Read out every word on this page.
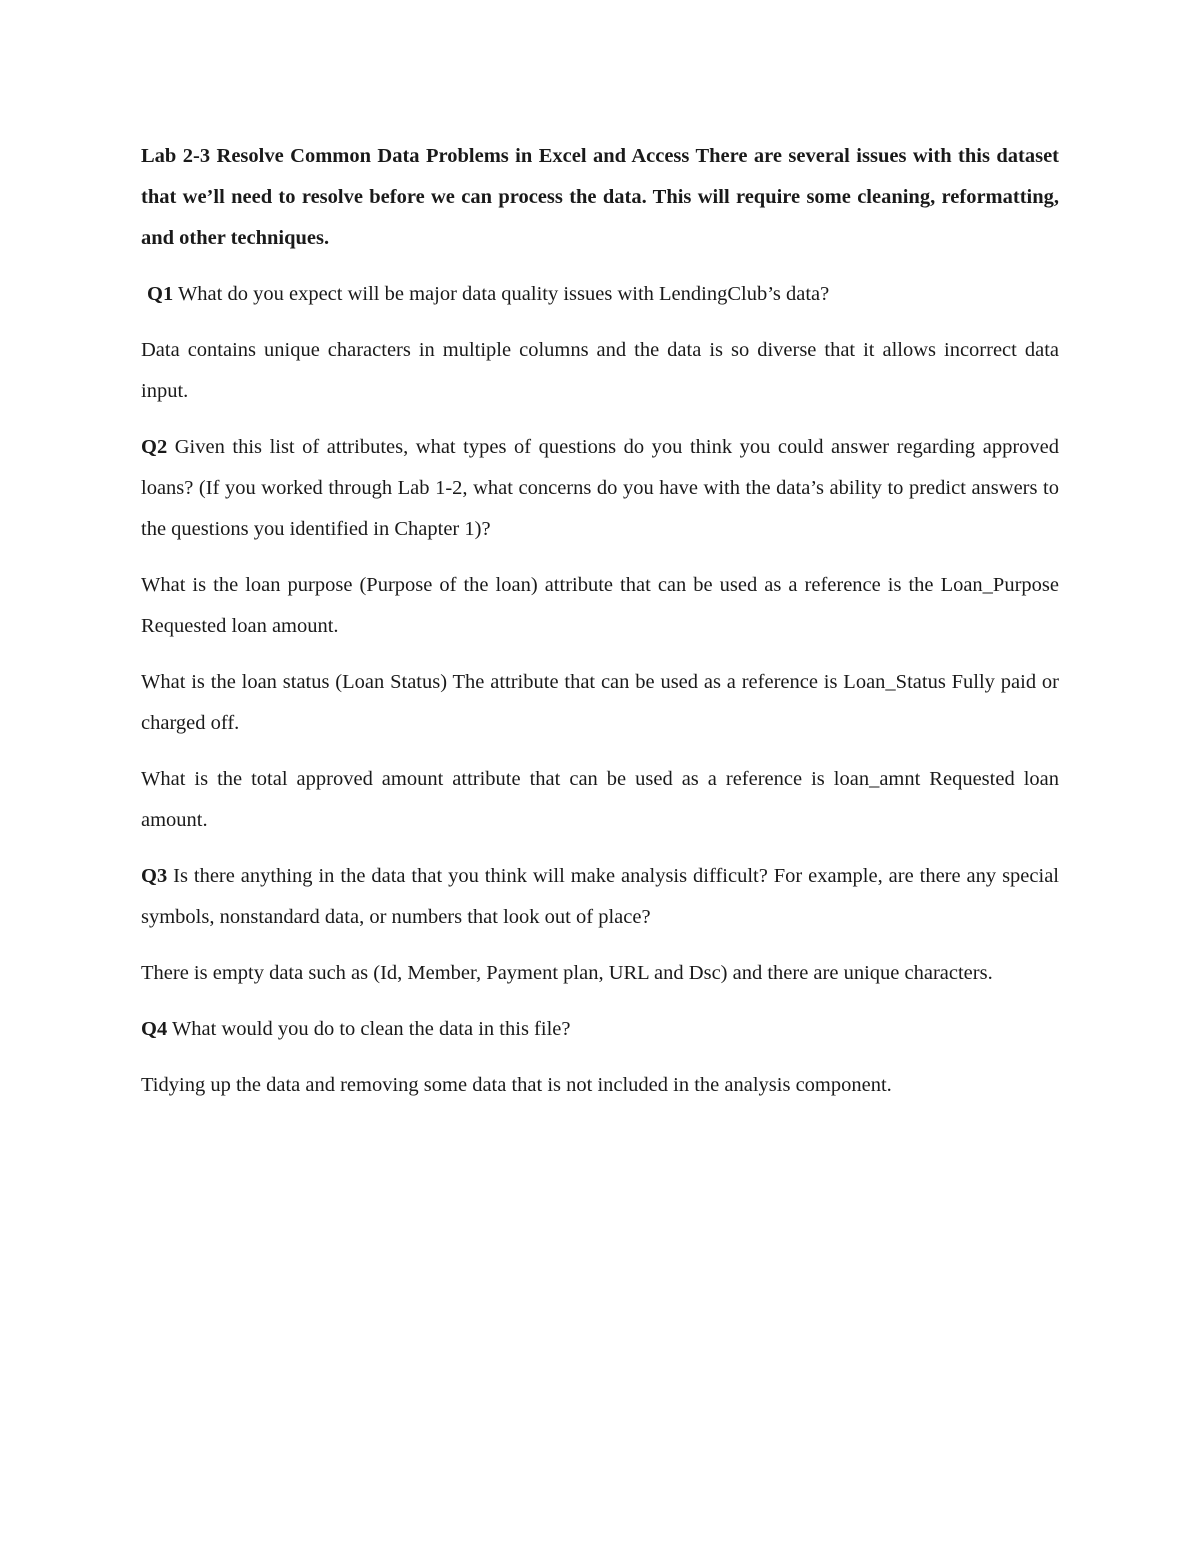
Lab 2-3 Resolve Common Data Problems in Excel and Access There are several issues with this dataset that we’ll need to resolve before we can process the data. This will require some cleaning, reformatting, and other techniques.

Q1 What do you expect will be major data quality issues with LendingClub’s data?

Data contains unique characters in multiple columns and the data is so diverse that it allows incorrect data input.

Q2 Given this list of attributes, what types of questions do you think you could answer regarding approved loans? (If you worked through Lab 1-2, what concerns do you have with the data’s ability to predict answers to the questions you identified in Chapter 1)?

What is the loan purpose (Purpose of the loan) attribute that can be used as a reference is the Loan_Purpose Requested loan amount.

What is the loan status (Loan Status) The attribute that can be used as a reference is Loan_Status Fully paid or charged off.

What is the total approved amount attribute that can be used as a reference is loan_amnt Requested loan amount.

Q3 Is there anything in the data that you think will make analysis difficult? For example, are there any special symbols, nonstandard data, or numbers that look out of place?

There is empty data such as (Id, Member, Payment plan, URL and Dsc) and there are unique characters.

Q4 What would you do to clean the data in this file?

Tidying up the data and removing some data that is not included in the analysis component.
